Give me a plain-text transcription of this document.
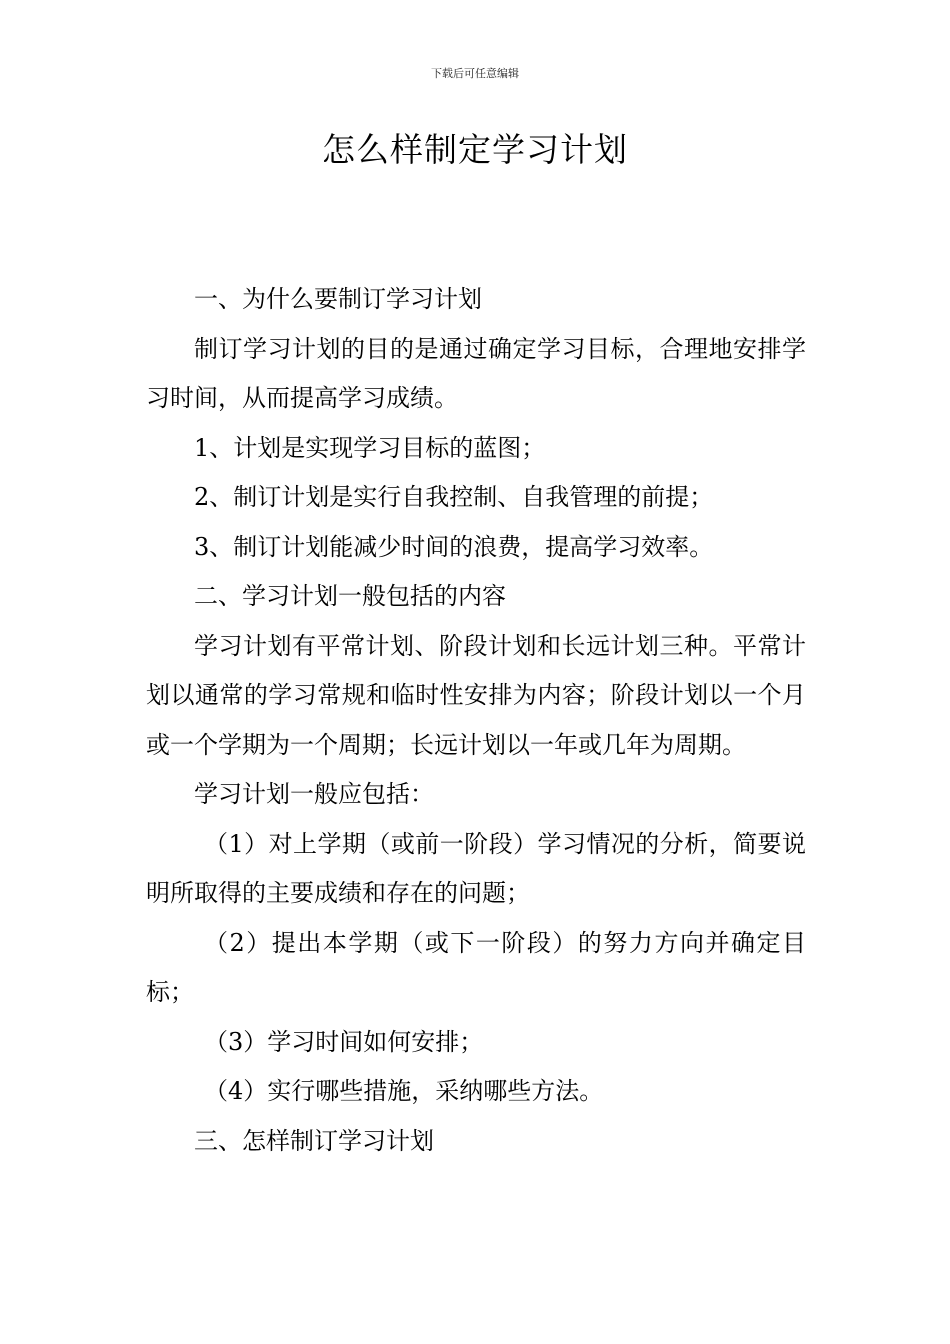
下载后可任意编辑
怎么样制定学习计划

一、为什么要制订学习计划

制订学习计划的目的是通过确定学习目标，合理地安排学习时间，从而提高学习成绩。

1、计划是实现学习目标的蓝图；

2、制订计划是实行自我控制、自我管理的前提；

3、制订计划能减少时间的浪费，提高学习效率。

二、学习计划一般包括的内容

学习计划有平常计划、阶段计划和长远计划三种。平常计划以通常的学习常规和临时性安排为内容；阶段计划以一个月或一个学期为一个周期；长远计划以一年或几年为周期。

学习计划一般应包括：

（1）对上学期（或前一阶段）学习情况的分析，简要说明所取得的主要成绩和存在的问题；

（2）提出本学期（或下一阶段）的努力方向并确定目标；

（3）学习时间如何安排；

（4）实行哪些措施，采纳哪些方法。

三、怎样制订学习计划
